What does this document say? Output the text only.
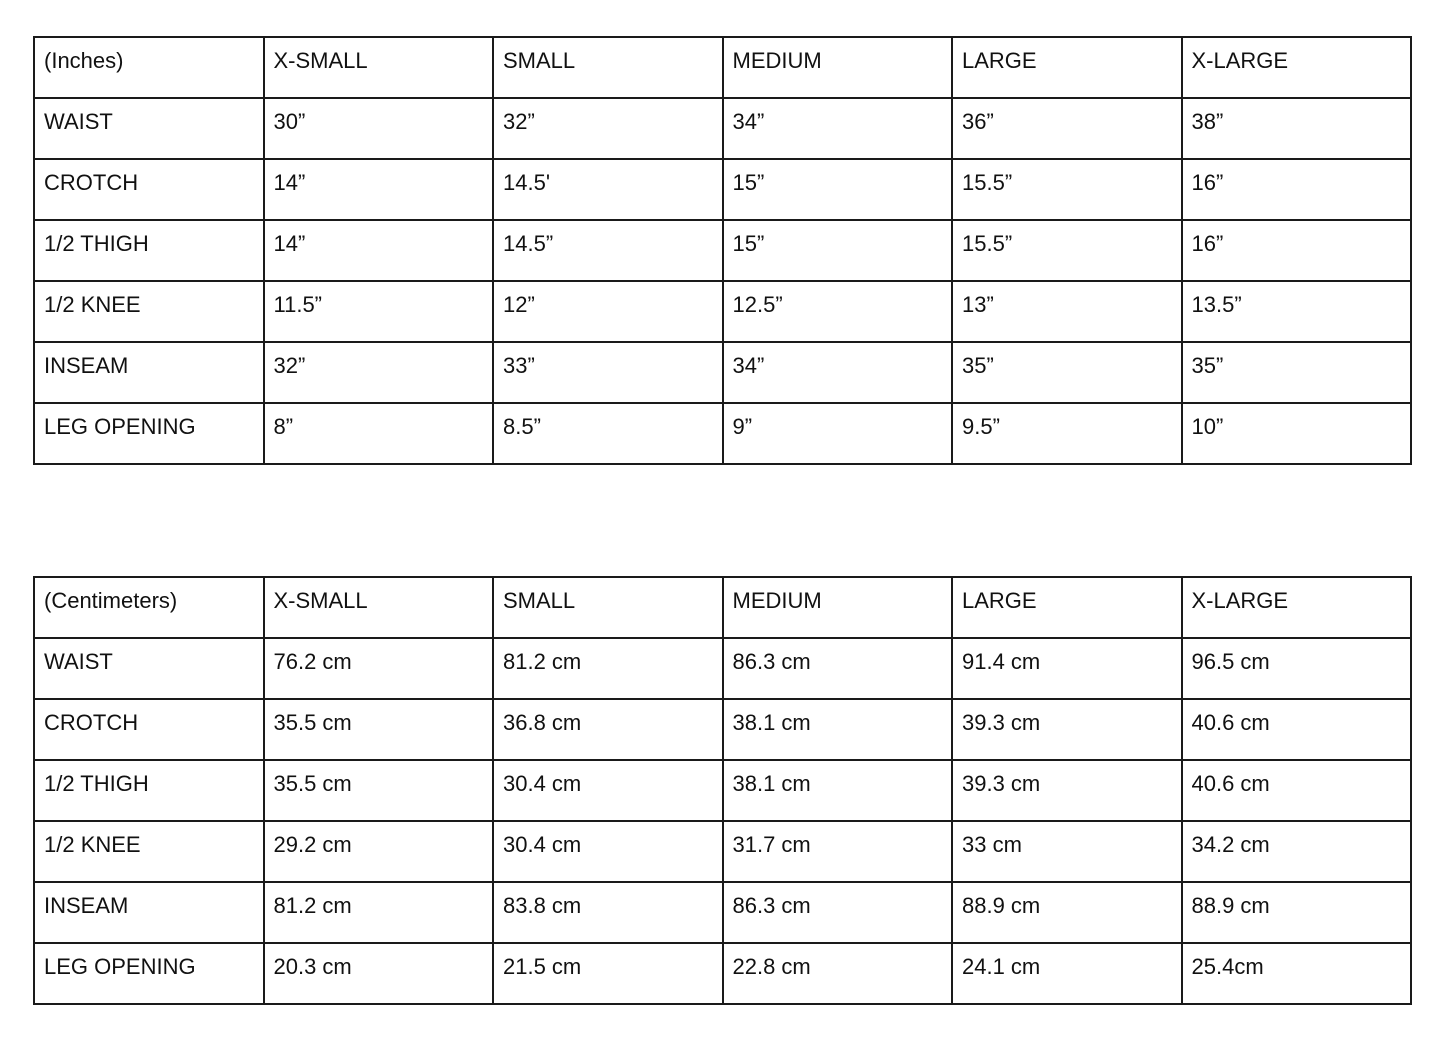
(Inches)	X-SMALL	SMALL	MEDIUM	LARGE	X-LARGE

WAIST	30”	32”	34”	36”	38”

CROTCH	14”	14.5'	15”	15.5”	16”

1/2 THIGH	14”	14.5”	15”	15.5”	16”

1/2 KNEE	11.5”	12”	12.5”	13”	13.5”

INSEAM	32”	33”	34”	35”	35”

LEG OPENING	8”	8.5”	9”	9.5”	10”
(Centimeters)	X-SMALL	SMALL	MEDIUM	LARGE	X-LARGE

WAIST	76.2 cm	81.2 cm	86.3 cm	91.4 cm	96.5 cm

CROTCH	35.5 cm	36.8 cm	38.1 cm	39.3 cm	40.6 cm

1/2 THIGH	35.5 cm	30.4 cm	38.1 cm	39.3 cm	40.6 cm

1/2 KNEE	29.2 cm	30.4 cm	31.7 cm	33 cm	34.2 cm

INSEAM	81.2 cm	83.8 cm	86.3 cm	88.9 cm	88.9 cm

LEG OPENING	20.3 cm	21.5 cm	22.8 cm	24.1 cm	25.4cm
